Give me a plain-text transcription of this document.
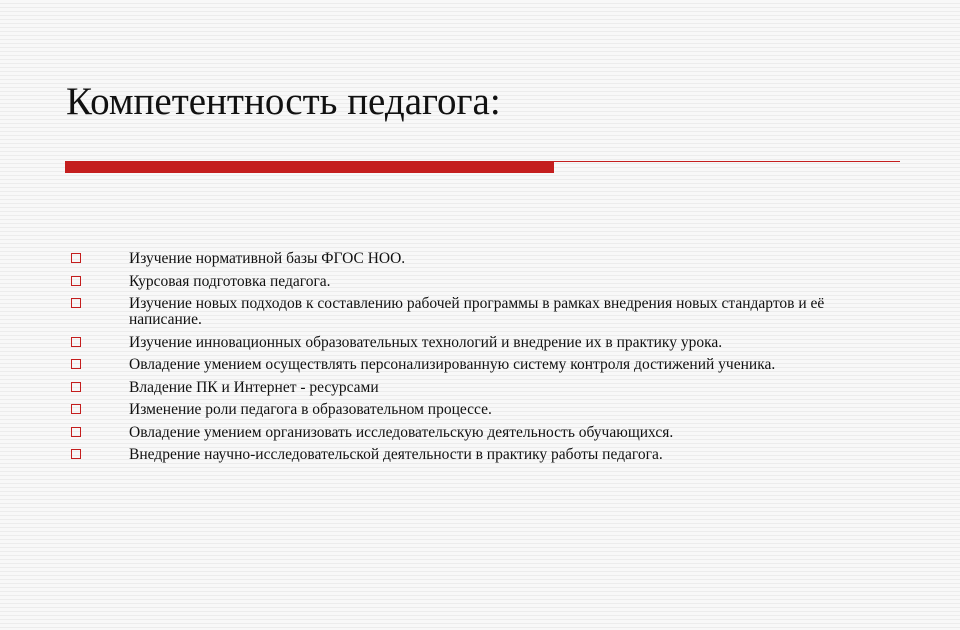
Компетентность педагога:
Изучение нормативной базы ФГОС НОО.
Курсовая подготовка педагога.
Изучение новых подходов к составлению рабочей программы в рамках внедрения новых стандартов и её написание.
Изучение инновационных образовательных технологий и внедрение их в практику урока.
Овладение умением осуществлять персонализированную систему контроля достижений ученика.
Владение ПК и Интернет - ресурсами
Изменение роли педагога в образовательном процессе.
Овладение умением организовать исследовательскую деятельность обучающихся.
Внедрение научно-исследовательской деятельности в практику работы педагога.
